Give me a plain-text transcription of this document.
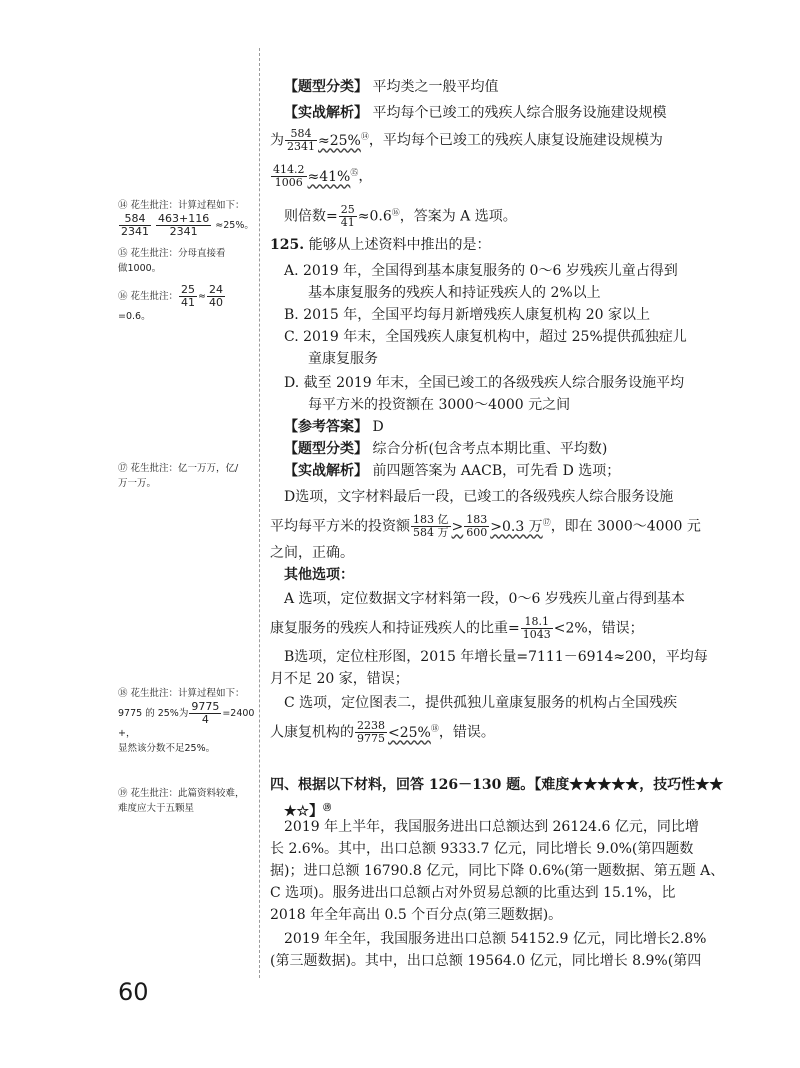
⑭ 花生批注：计算过程如下：
$\frac{584}{2341}$
$\frac{463+116}{2341} \approx 25\%$。
⑮ 花生批注：分母直接看
做1000。
⑯ 花生批注： $\frac{25}{41} \approx \frac{24}{40}$
=0.6。
⑰ 花生批注：亿一万万，亿/
万一万。
⑱ 花生批注：计算过程如下：
9775 的 25%为 $\frac{9775}{4} =2400$ +，
显然该分数不足25%。
⑲ 花生批注：此篇资料较难，
难度应大于五颗星
【题型分类】 平均类之一般平均值
【实战解析】 平均每个已竣工的残疾人综合服务设施建设规模
为 $\frac{584}{2341} \approx 25\%^⑭$，平均每个已竣工的残疾人康复设施建设规模为
$\frac{414.2}{1006} \approx 41\%^⑮$，
则倍数= $\frac{25}{41} \approx 0.6^⑯$，答案为 A 选项。
125. 能够从上述资料中推出的是：
A. 2019 年，全国得到基本康复服务的 0～6 岁残疾儿童占得到
基本康复服务的残疾人和持证残疾人的 2%以上
B. 2015 年，全国平均每月新增残疾人康复机构 20 家以上
C. 2019 年末，全国残疾人康复机构中，超过 25%提供孤独症儿
童康复服务
D. 截至 2019 年末，全国已竣工的各级残疾人综合服务设施平均
每平方米的投资额在 3000～4000 元之间
【参考答案】 D
【题型分类】 综合分析(包含考点本期比重、平均数)
【实战解析】 前四题答案为 AACB，可先看 D 选项；
D选项，文字材料最后一段，已竣工的各级残疾人综合服务设施
平均每平方米的投资额 $\frac{\text{183 亿}}{\text{584 万}} > \frac{183}{600} >0.3$ 万⑰，即在 3000～4000 元
之间，正确。
其他选项：
A 选项，定位数据文字材料第一段，0～6 岁残疾儿童占得到基本
康复服务的残疾人和持证残疾人的比重= $\frac{18.1}{1043} <2\%$，错误；
B选项，定位柱形图，2015 年增长量=7111－6914≈200，平均每
月不足 20 家，错误；
C 选项，定位图表二，提供孤独儿童康复服务的机构占全国残疾
人康复机构的 $\frac{2238}{9775} <25\%^⑱$，错误。
四、根据以下材料，回答 126－130 题。【难度★★★★★，技巧性★★
★☆】⑲
2019 年上半年，我国服务进出口总额达到 26124.6 亿元，同比增
长 2.6%。其中，出口总额 9333.7 亿元，同比增长 9.0%(第四题数
据)；进口总额 16790.8 亿元，同比下降 0.6%(第一题数据、第五题 A、
C 选项)。服务进出口总额占对外贸易总额的比重达到 15.1%，比
2018 年全年高出 0.5 个百分点(第三题数据)。
2019 年全年，我国服务进出口总额 54152.9 亿元，同比增长2.8%
(第三题数据)。其中，出口总额 19564.0 亿元，同比增长 8.9%(第四
60
